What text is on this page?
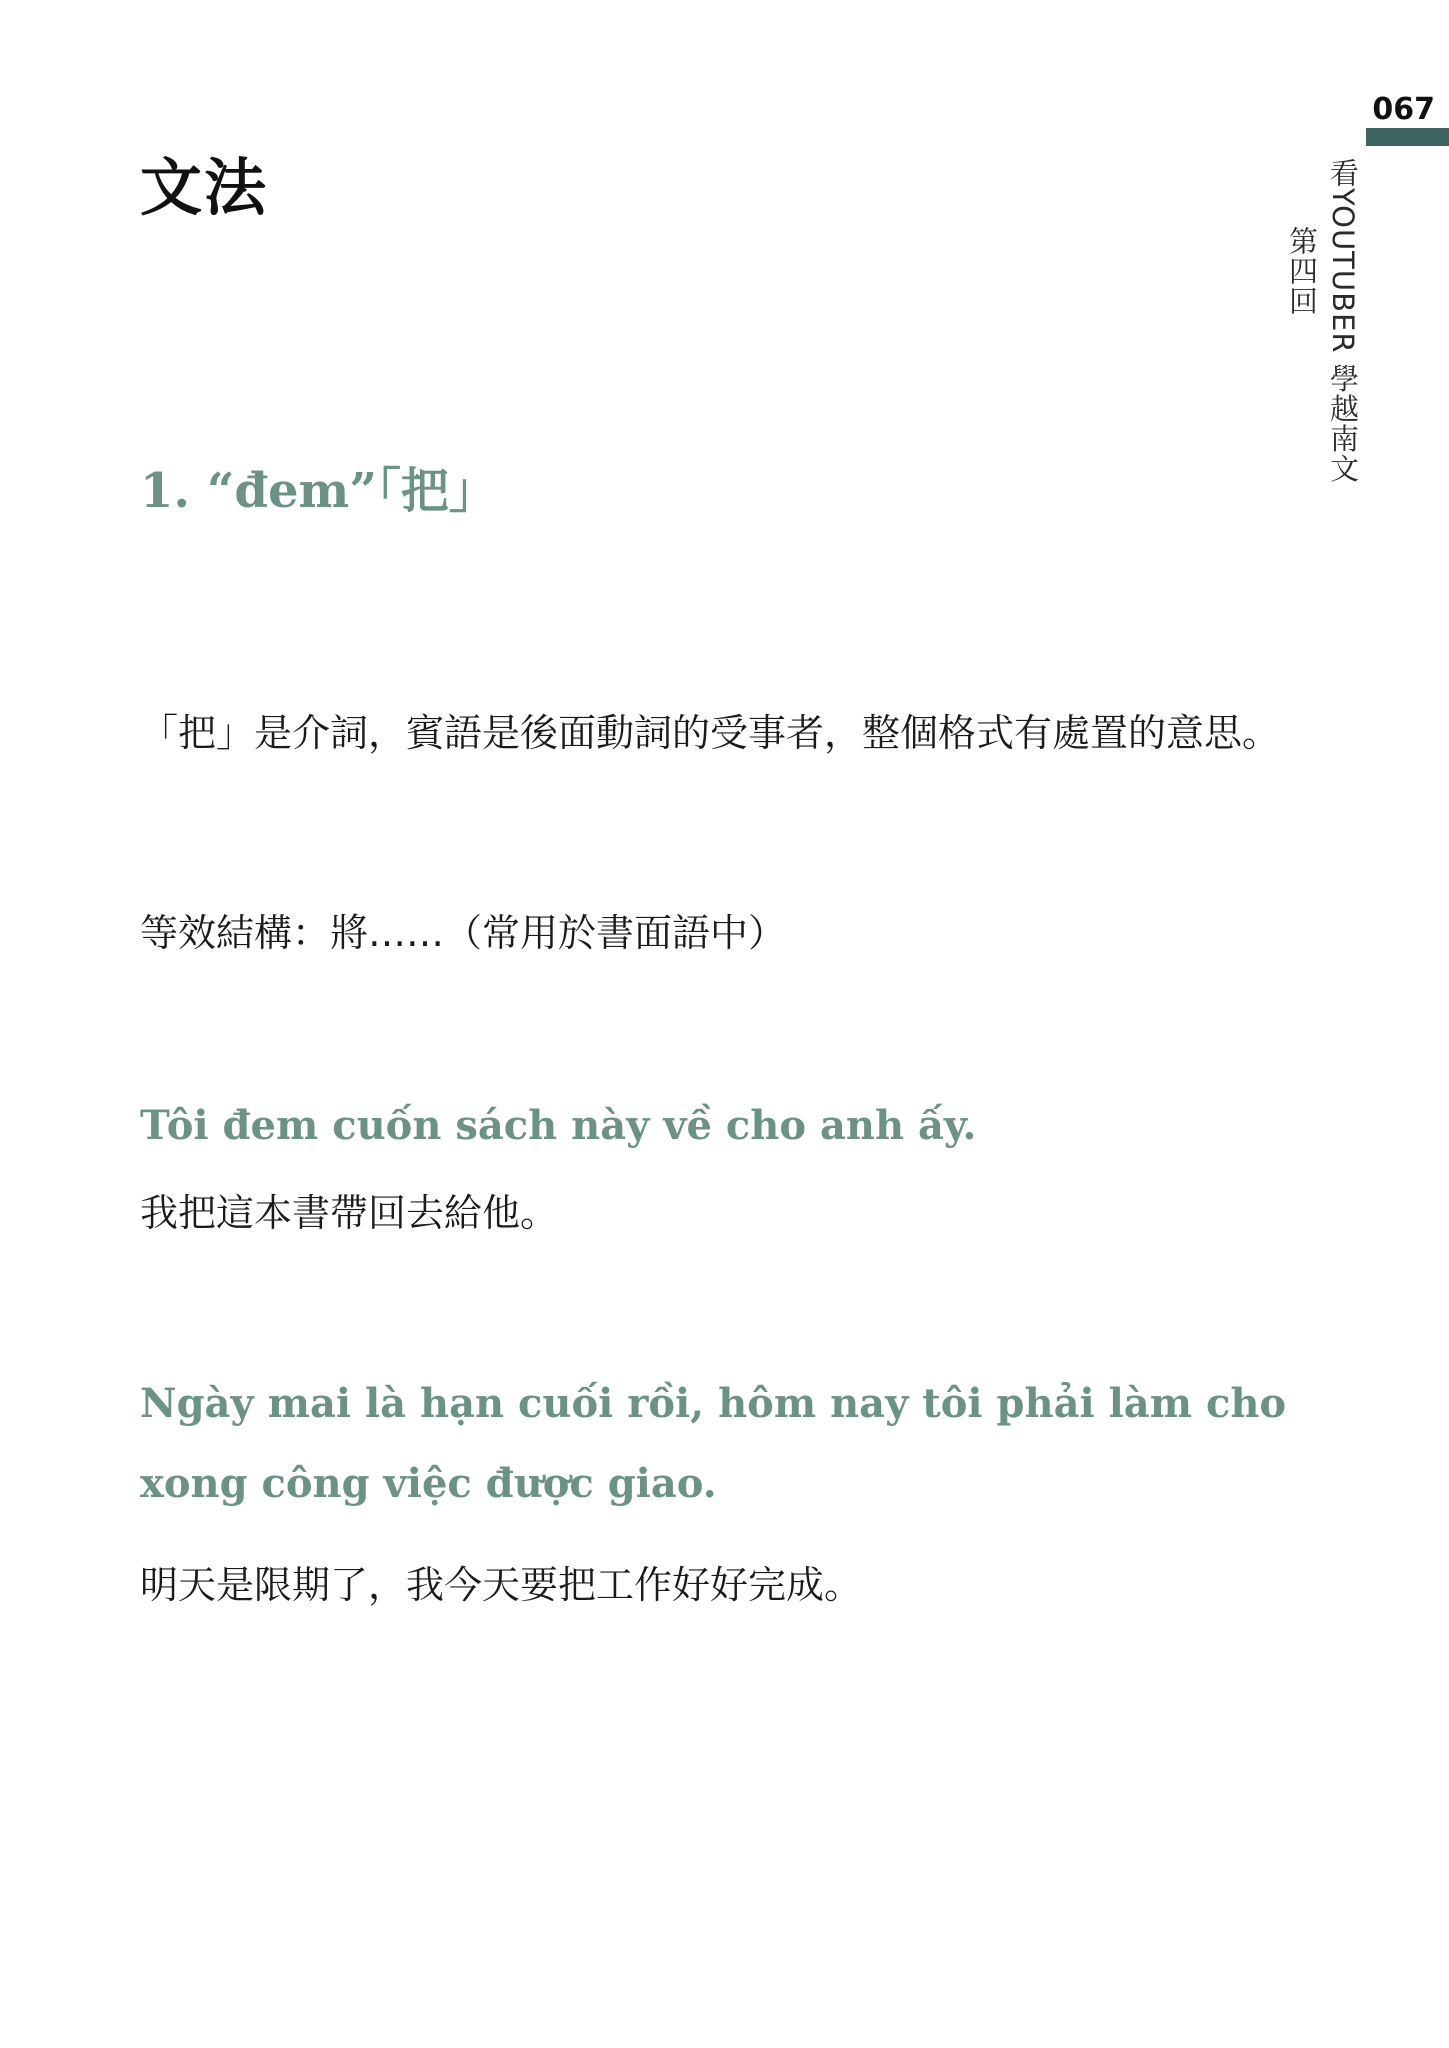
067
看YOUTUBER 學越南文
第四回
文法
1. “đem”「把」

「把」是介詞，賓語是後面動詞的受事者，整個格式有處置的意思。

等效結構：將……（常用於書面語中）

Tôi đem cuốn sách này về cho anh ấy.

我把這本書帶回去給他。

Ngày mai là hạn cuối rồi, hôm nay tôi phải làm cho xong công việc được giao.

明天是限期了，我今天要把工作好好完成。
